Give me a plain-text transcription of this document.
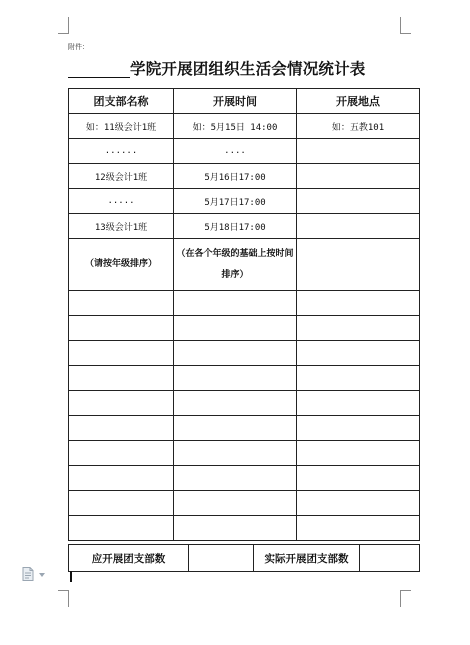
附件：
学院开展团组织生活会情况统计表
团支部名称	开展时间	开展地点
如：11级会计1班	如：5月15日 14:00	如：五教101
......	....	
12级会计1班	5月16日17:00	
.....	5月17日17:00	
13级会计1班	5月18日17:00	
（请按年级排序）	（在各个年级的基础上按时间排序）	

应开展团支部数		实际开展团支部数	
